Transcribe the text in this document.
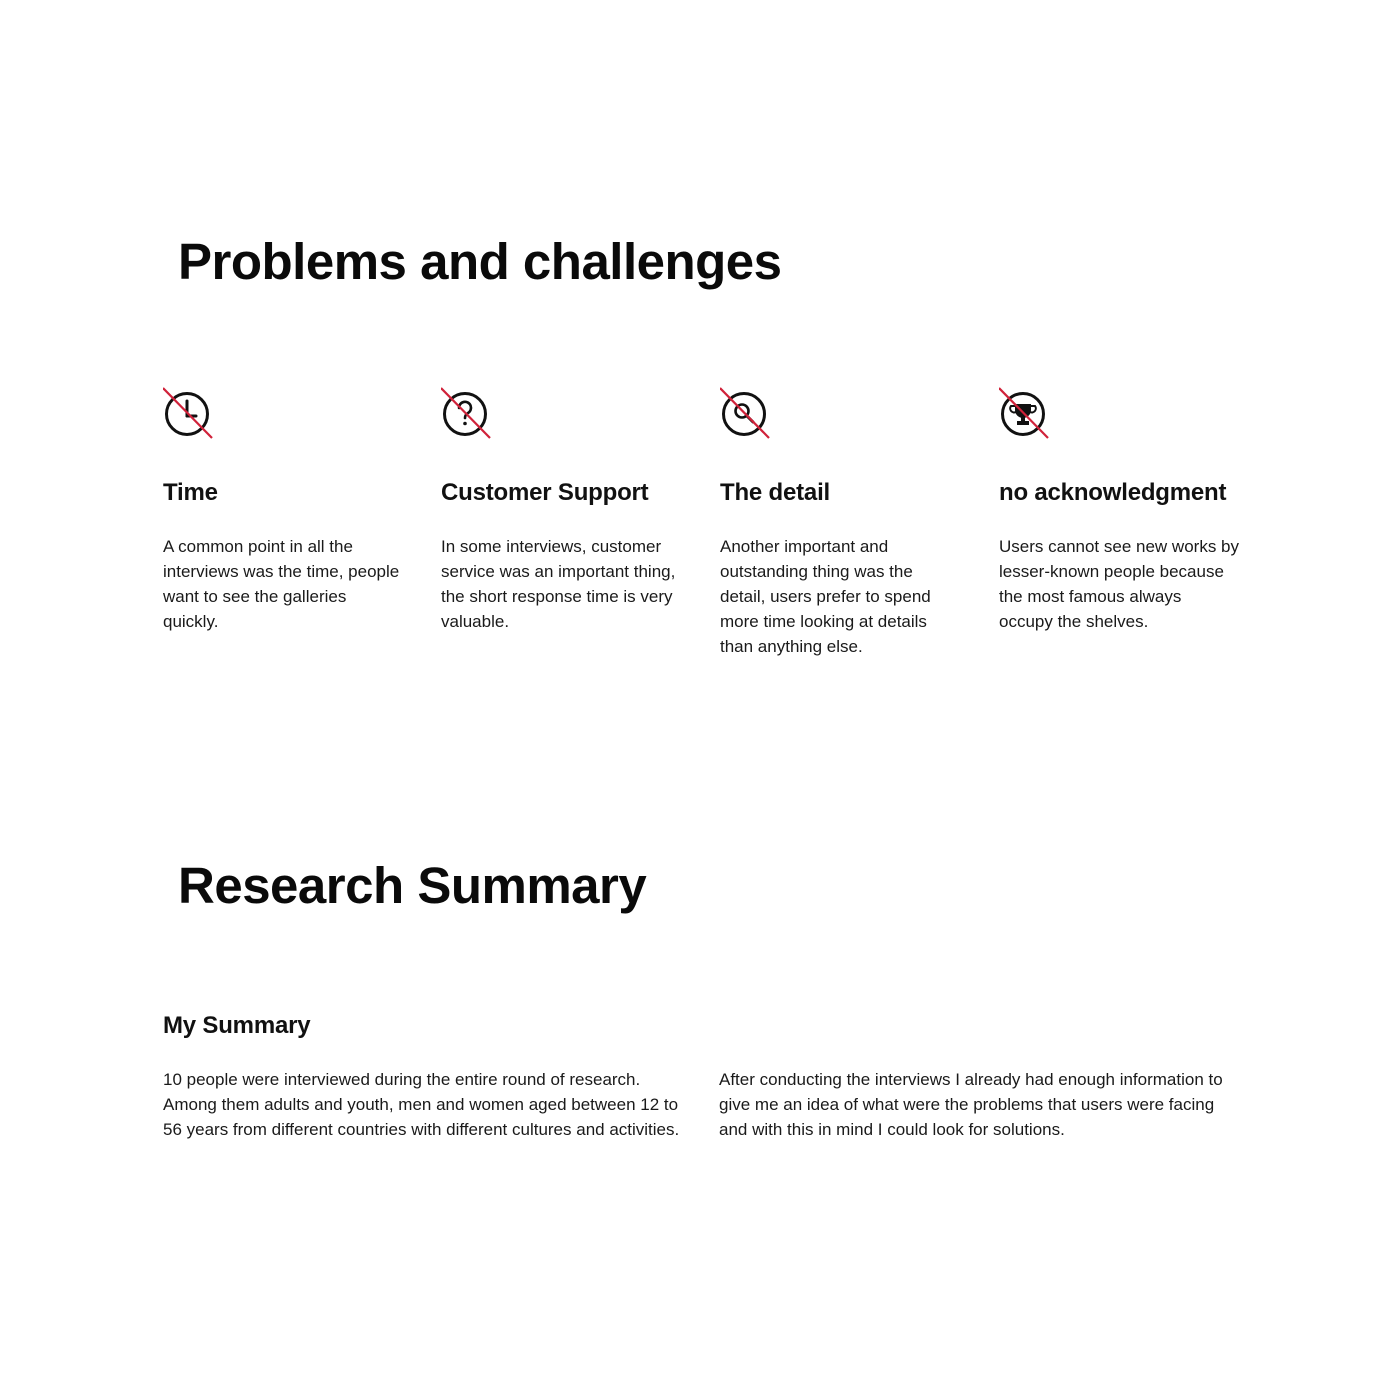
Problems and challenges
Time

A common point in all the interviews was the time, people want to see the galleries quickly.

Customer Support

In some interviews, customer service was an important thing, the short response time is very valuable.

The detail

Another important and outstanding thing was the detail, users prefer to spend more time looking at details than anything else.

no acknowledgment

Users cannot see new works by lesser-known people because the most famous always occupy the shelves.

Research Summary
My Summary

10 people were interviewed during the entire round of research. Among them adults and youth, men and women aged between 12 to 56 years from different countries with different cultures and activities.

After conducting the interviews I already had enough information to give me an idea of what were the problems that users were facing and with this in mind I could look for solutions.
